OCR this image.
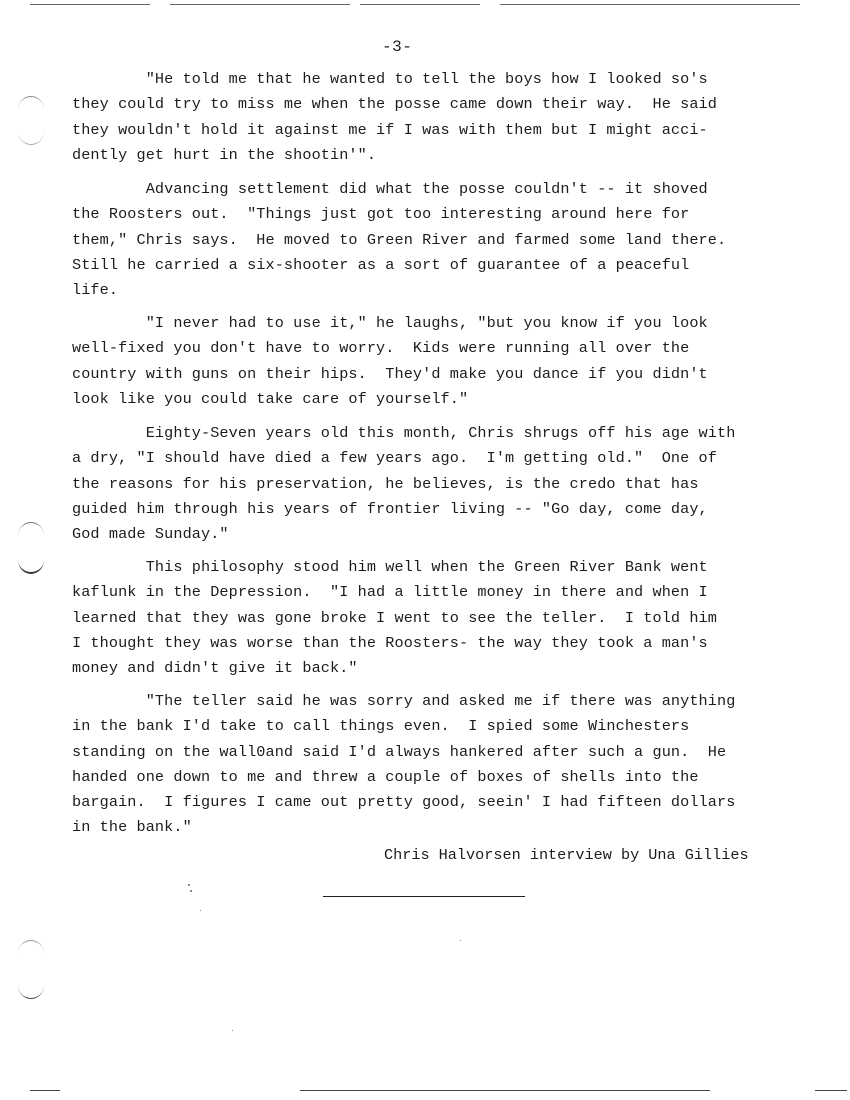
-3-
"He told me that he wanted to tell the boys how I looked so's
they could try to miss me when the posse came down their way.  He said
they wouldn't hold it against me if I was with them but I might acci-
dently get hurt in the shootin'".
Advancing settlement did what the posse couldn't -- it shoved
the Roosters out.  "Things just got too interesting around here for
them," Chris says.  He moved to Green River and farmed some land there.
Still he carried a six-shooter as a sort of guarantee of a peaceful
life.
"I never had to use it," he laughs, "but you know if you look
well-fixed you don't have to worry.  Kids were running all over the
country with guns on their hips.  They'd make you dance if you didn't
look like you could take care of yourself."
Eighty-Seven years old this month, Chris shrugs off his age with
a dry, "I should have died a few years ago.  I'm getting old."  One of
the reasons for his preservation, he believes, is the credo that has
guided him through his years of frontier living -- "Go day, come day,
God made Sunday."
This philosophy stood him well when the Green River Bank went
kaflunk in the Depression.  "I had a little money in there and when I
learned that they was gone broke I went to see the teller.  I told him
I thought they was worse than the Roosters- the way they took a man's
money and didn't give it back."
"The teller said he was sorry and asked me if there was anything
in the bank I'd take to call things even.  I spied some Winchesters
standing on the wall0and said I'd always hankered after such a gun.  He
handed one down to me and threw a couple of boxes of shells into the
bargain.  I figures I came out pretty good, seein' I had fifteen dollars
in the bank."
Chris Halvorsen interview by Una Gillies
